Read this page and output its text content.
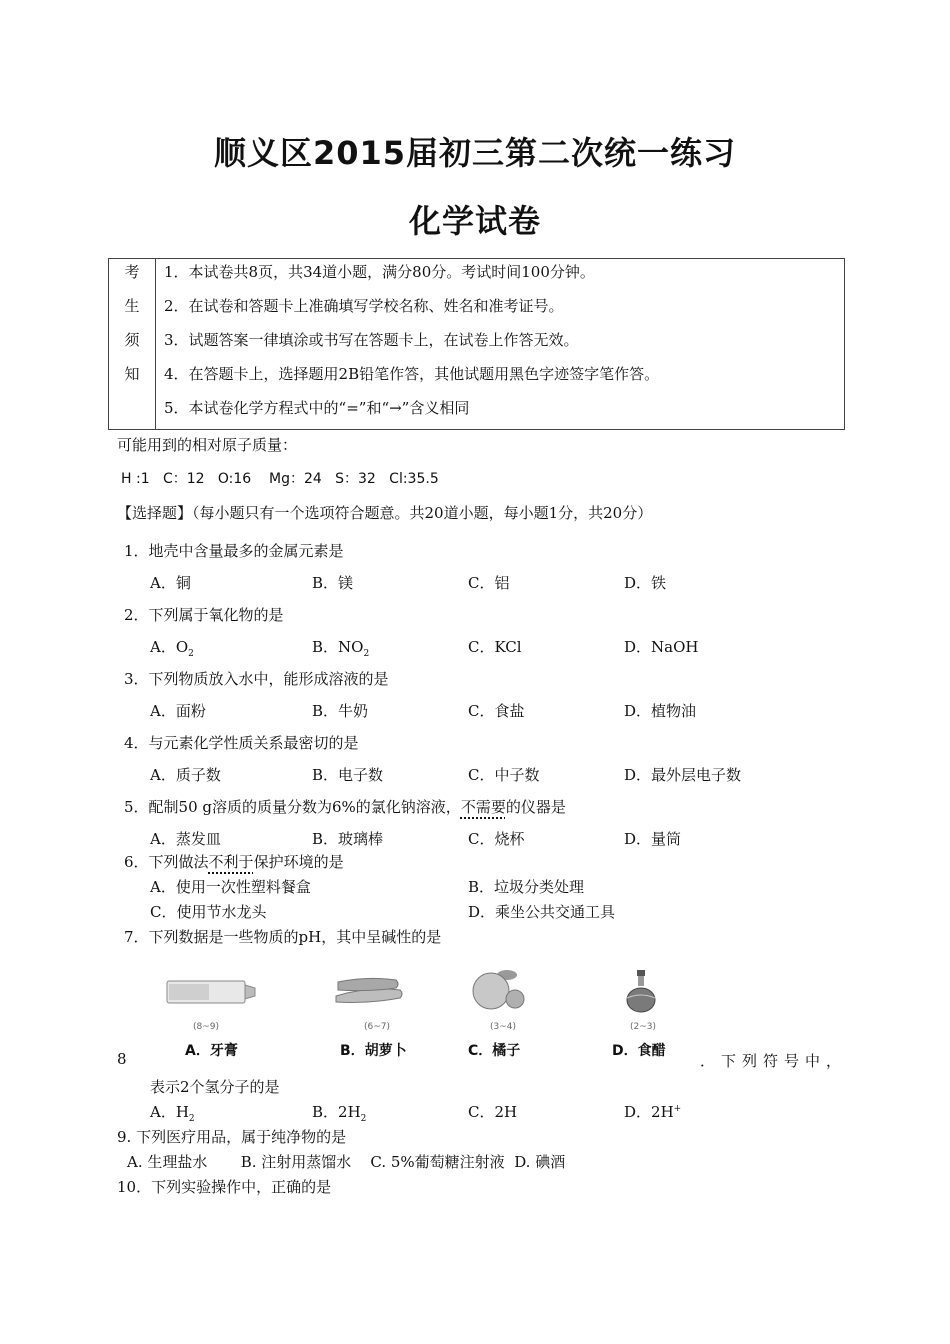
顺义区2015届初三第二次统一练习
化学试卷
考
生
须
知

1．本试卷共8页，共34道小题，满分80分。考试时间100分钟。
2．在试卷和答题卡上准确填写学校名称、姓名和准考证号。
3．试题答案一律填涂或书写在答题卡上，在试卷上作答无效。
4．在答题卡上，选择题用2B铅笔作答，其他试题用黑色字迹签字笔作答。
5．本试卷化学方程式中的“=”和“→”含义相同
可能用到的相对原子质量：
H :1   C：12   O:16    Mg：24   S：32   Cl:35.5
【选择题】（每小题只有一个选项符合题意。共20道小题，每小题1分，共20分）
1．地壳中含量最多的金属元素是
A．铜	B．镁	C．铝	D．铁
2．下列属于氧化物的是
A．$O_2$	B．$NO_2$	C．KCl	D．NaOH
3．下列物质放入水中，能形成溶液的是
A．面粉	B．牛奶	C．食盐	D．植物油
4．与元素化学性质关系最密切的是
A．质子数	B．电子数	C．中子数	D．最外层电子数
5．配制50 g溶质的质量分数为6%的氯化钠溶液，不需要的仪器是
A．蒸发皿	B．玻璃棒	C．烧杯	D．量筒
6．下列做法不利于保护环境的是
A．使用一次性塑料餐盒	B．垃圾分类处理
C．使用节水龙头	D．乘坐公共交通工具
7．下列数据是一些物质的pH，其中呈碱性的是
(8~9)
A．牙膏
(6~7)
B．胡萝卜
(3~4)
C．橘子
(2~3)
D．食醋
8	．下列符号中，
表示2个氢分子的是
A．$H_2$	B．$2H_2$	C．2H	D．2H+
9. 下列医疗用品，属于纯净物的是
A. 生理盐水       B. 注射用蒸馏水    C. 5%葡萄糖注射液  D. 碘酒
10．下列实验操作中，正确的是
